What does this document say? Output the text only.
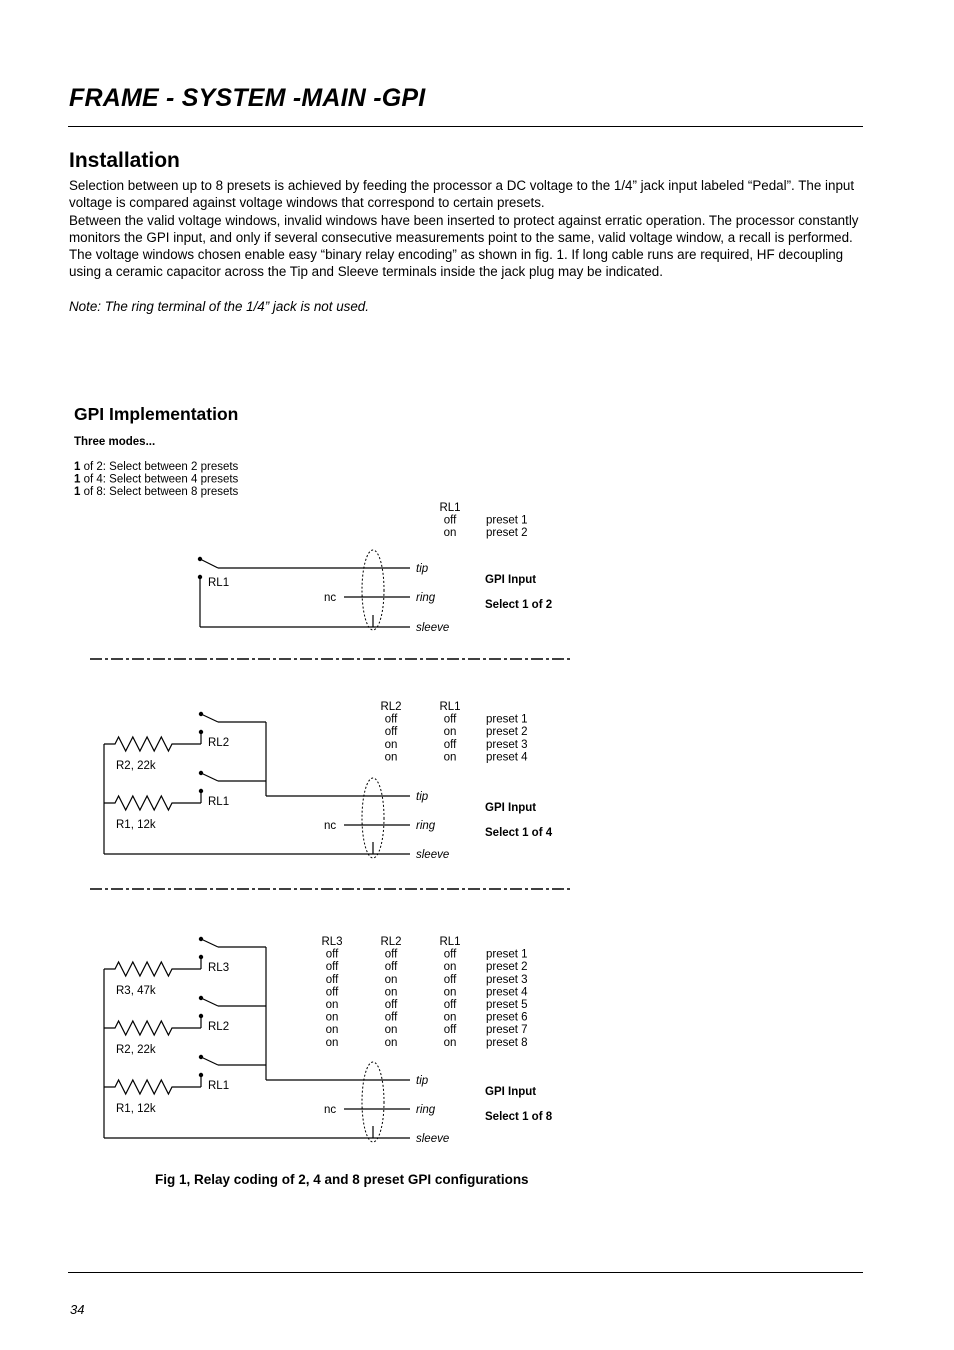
FRAME - SYSTEM -MAIN -GPI
Installation

Selection between up to 8 presets is achieved by feeding the processor a DC voltage to the 1/4” jack input labeled “Pedal”. The input voltage is compared against voltage windows that correspond to certain presets.

Between the valid voltage windows, invalid windows have been inserted to protect against erratic operation. The processor constantly monitors the GPI input, and only if several consecutive measurements point to the same, valid voltage window, a recall is performed.

The voltage windows chosen enable easy “binary relay encoding” as shown in fig. 1. If long cable runs are required, HF decoupling using a ceramic capacitor across the Tip and Sleeve terminals inside the jack plug may be indicated.

Note: The ring terminal of the 1/4” jack is not used.

GPI Implementation
Three modes...
1 of 2: Select between 2 presets
1 of 4: Select between 4 presets
1 of 8: Select between 8 presets
RL1
off	preset 1
on	preset 2
tip
ring
sleeve
nc
GPI Input
Select 1 of 2
RL1
RL2	RL1
off	off	preset 1
off	on	preset 2
on	off	preset 3
on	on	preset 4
tip
ring
sleeve
nc
GPI Input
Select 1 of 4
RL2
R2, 22k
RL1
R1, 12k
RL3	RL2	RL1
off	off	off	preset 1
off	off	on	preset 2
off	on	off	preset 3
off	on	on	preset 4
on	off	off	preset 5
on	off	on	preset 6
on	on	off	preset 7
on	on	on	preset 8
tip
ring
sleeve
nc
GPI Input
Select 1 of 8
RL3
R3, 47k
RL2
R2, 22k
RL1
R1, 12k
Fig 1, Relay coding of 2, 4 and 8 preset GPI configurations
34
